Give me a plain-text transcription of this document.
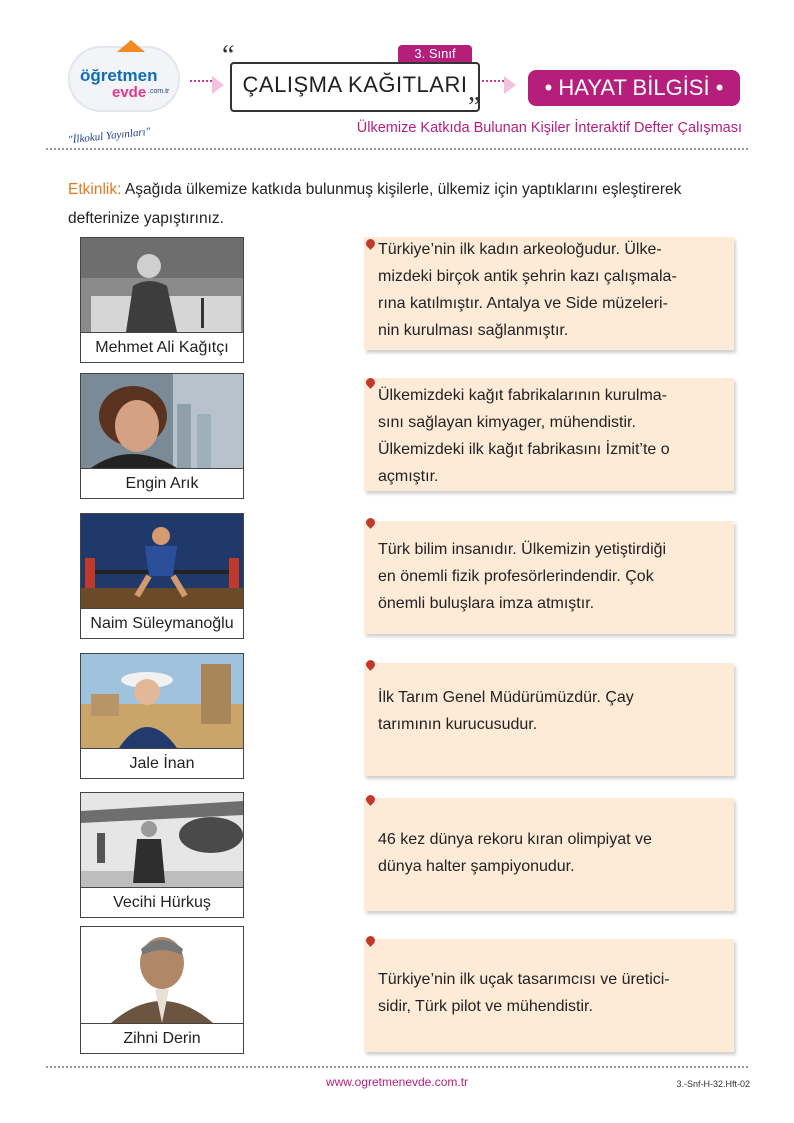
öğretmen
evde .com.tr
"İlkokul Yayınları"
3. Sınıf
ÇALIŞMA KAĞITLARI
“
”
• HAYAT BİLGİSİ •
Ülkemize Katkıda Bulunan Kişiler İnteraktif Defter Çalışması
Etkinlik: Aşağıda ülkemize katkıda bulunmuş kişilerle, ülkemiz için yaptıklarını eşleştirerek defterinize yapıştırınız.
Mehmet Ali Kağıtçı
Engin Arık
Naim Süleymanoğlu
Jale İnan
Vecihi Hürkuş
Zihni Derin
Türkiye’nin ilk kadın arkeoloğudur. Ülke-
mizdeki birçok antik şehrin kazı çalışmala-
rına katılmıştır. Antalya ve Side müzeleri-
nin kurulması sağlanmıştır.
Ülkemizdeki kağıt fabrikalarının kurulma-
sını sağlayan kimyager, mühendistir.
Ülkemizdeki ilk kağıt fabrikasını İzmit’te o
açmıştır.
Türk bilim insanıdır. Ülkemizin yetiştirdiği
en önemli fizik profesörlerindendir. Çok
önemli buluşlara imza atmıştır.
İlk Tarım Genel Müdürümüzdür. Çay
tarımının kurucusudur.
46 kez dünya rekoru kıran olimpiyat ve
dünya halter şampiyonudur.
Türkiye’nin ilk uçak tasarımcısı ve üretici-
sidir, Türk pilot ve mühendistir.
www.ogretmenevde.com.tr	3.-Snf-H-32.Hft-02
